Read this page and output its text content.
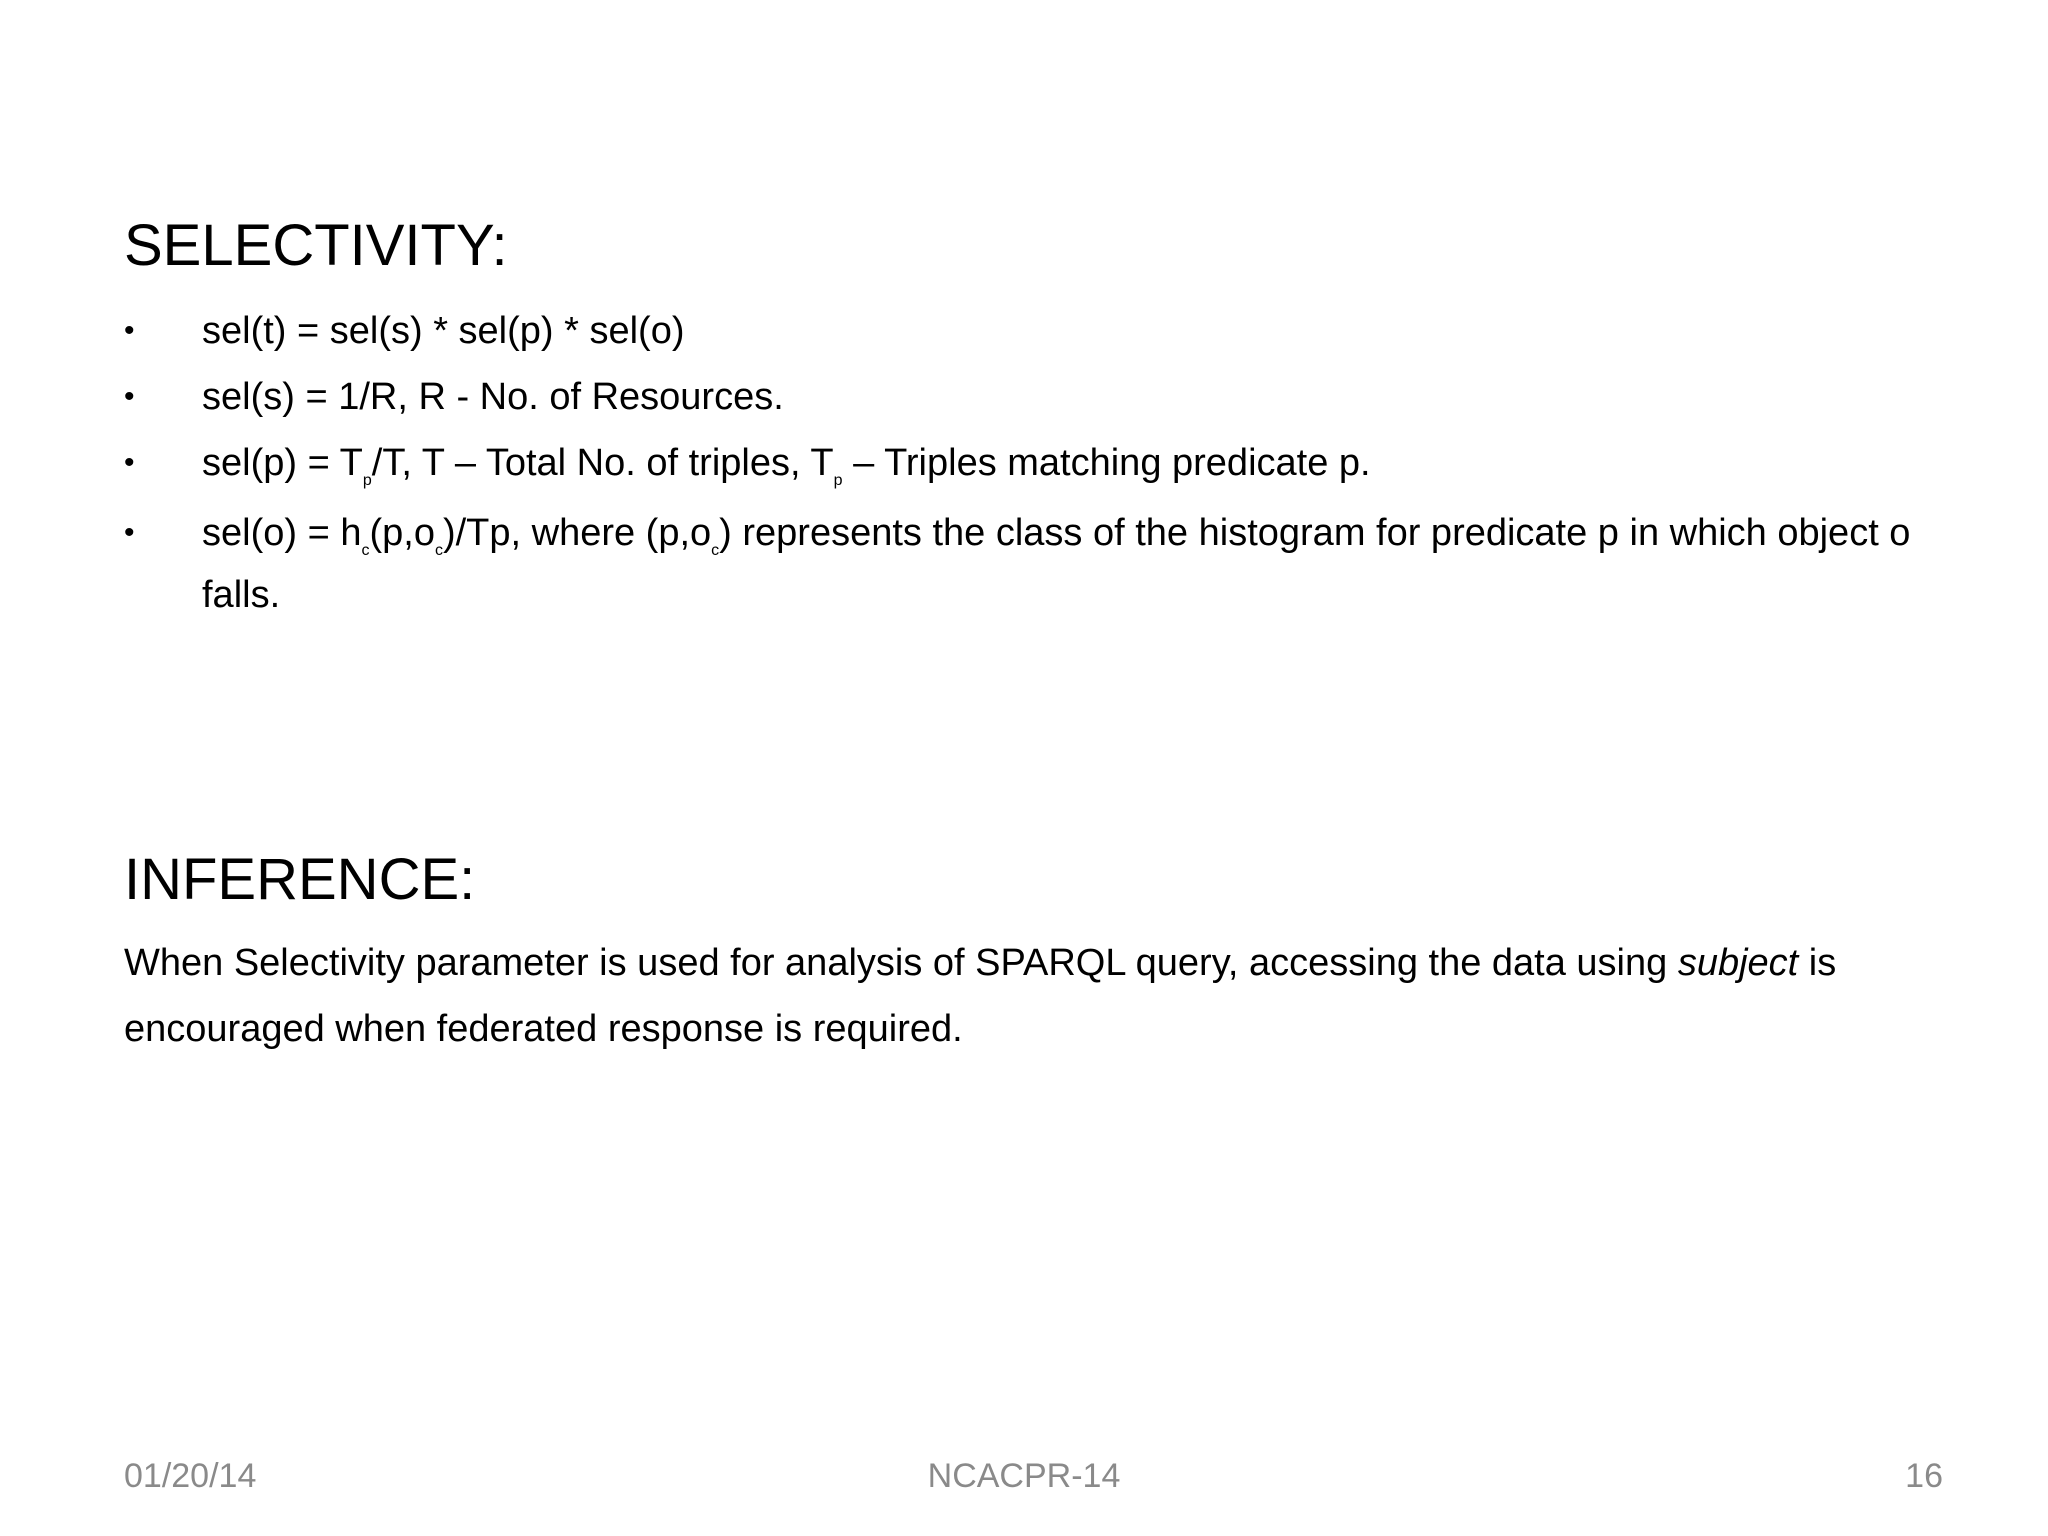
SELECTIVITY:
• sel(t) = sel(s) * sel(p) * sel(o)
• sel(s) = 1/R, R - No. of Resources.
• $sel(p) = T_p/T$, T – Total No. of triples, $T_p$ – Triples matching predicate p.
• $sel(o) = h_c(p,o_c)/Tp$, where $(p,o_c)$ represents the class of the histogram for predicate p in which object o falls.
INFERENCE:

When Selectivity parameter is used for analysis of SPARQL query, accessing the data using subject is encouraged when federated response is required.

01/20/14	NCACPR-14	16
